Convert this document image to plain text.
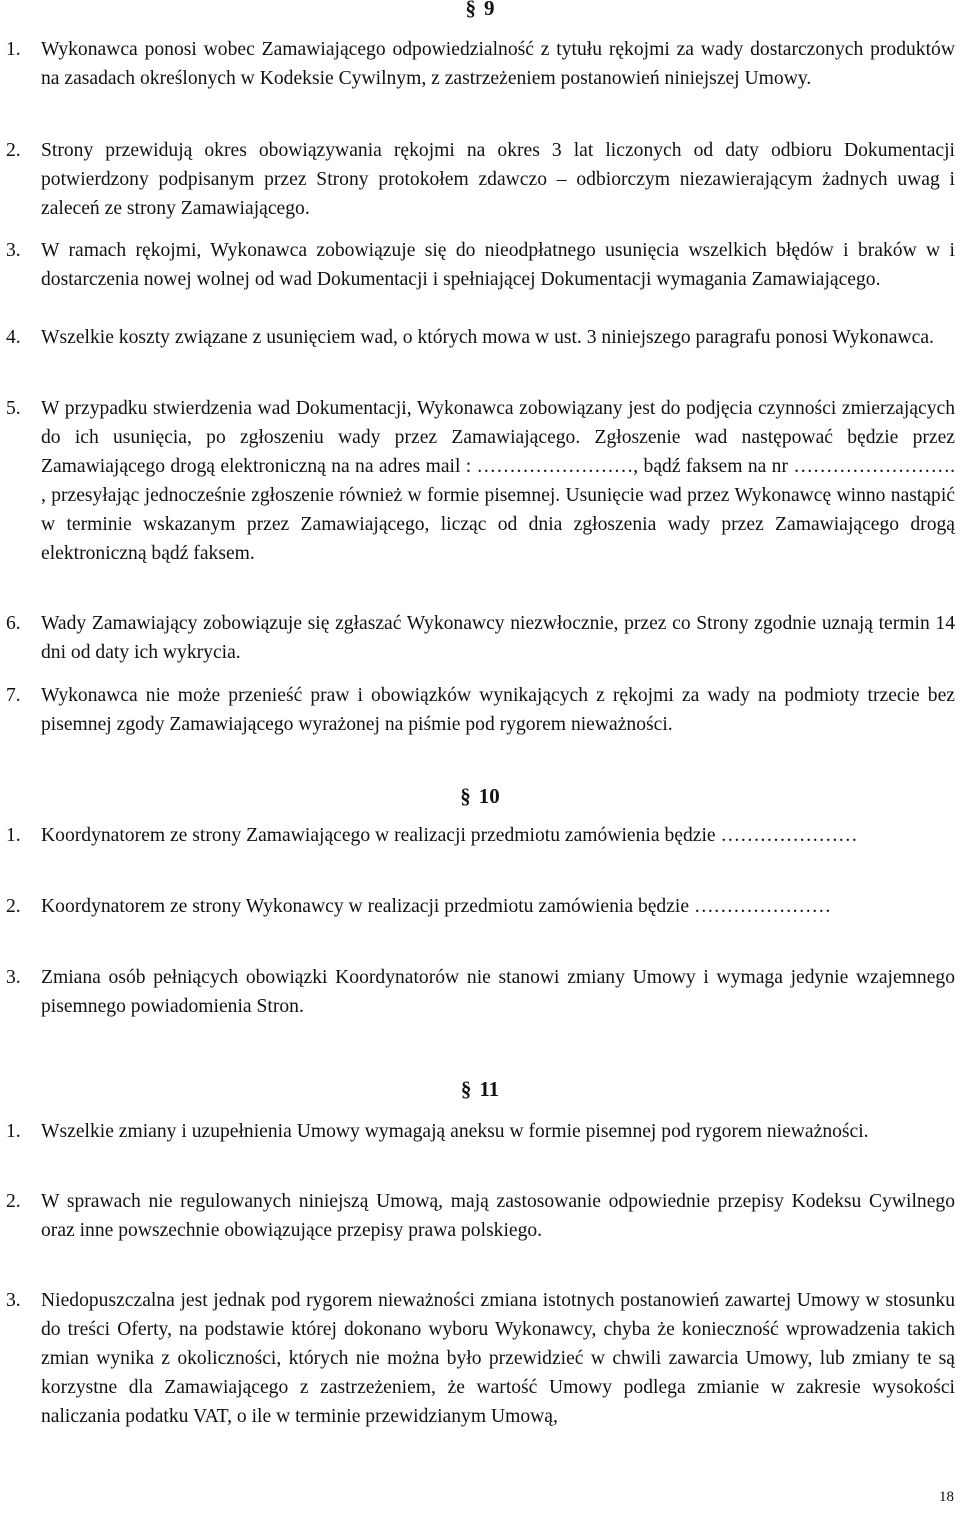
§ 9
1.	Wykonawca ponosi wobec Zamawiającego odpowiedzialność z tytułu rękojmi za wady dostarczonych produktów na zasadach określonych w Kodeksie Cywilnym, z zastrzeżeniem postanowień niniejszej Umowy.
2.	Strony przewidują okres obowiązywania rękojmi na okres 3 lat liczonych od daty odbioru Dokumentacji potwierdzony podpisanym przez Strony protokołem zdawczo – odbiorczym niezawierającym żadnych uwag i zaleceń ze strony Zamawiającego.
3.	W ramach rękojmi, Wykonawca zobowiązuje się do nieodpłatnego usunięcia wszelkich błędów i braków w i dostarczenia nowej wolnej od wad Dokumentacji i spełniającej Dokumentacji wymagania Zamawiającego.
4.	Wszelkie koszty związane z usunięciem wad, o których mowa w ust. 3 niniejszego paragrafu ponosi Wykonawca.
5.	W przypadku stwierdzenia wad Dokumentacji, Wykonawca zobowiązany jest do podjęcia czynności zmierzających do ich usunięcia, po zgłoszeniu wady przez Zamawiającego. Zgłoszenie wad następować będzie przez Zamawiającego drogą elektroniczną na na adres mail : ……………………, bądź faksem na nr ……………………. , przesyłając jednocześnie zgłoszenie również w formie pisemnej. Usunięcie wad przez Wykonawcę winno nastąpić w terminie wskazanym przez Zamawiającego, licząc od dnia zgłoszenia wady przez Zamawiającego drogą elektroniczną bądź faksem.
6.	Wady Zamawiający zobowiązuje się zgłaszać Wykonawcy niezwłocznie, przez co Strony zgodnie uznają termin 14 dni od daty ich wykrycia.
7.	Wykonawca nie może przenieść praw i obowiązków wynikających z rękojmi za wady na podmioty trzecie bez pisemnej zgody Zamawiającego wyrażonej na piśmie pod rygorem nieważności.
§ 10
1.	Koordynatorem ze strony Zamawiającego w realizacji przedmiotu zamówienia będzie …………………
2.	Koordynatorem ze strony Wykonawcy w realizacji przedmiotu zamówienia będzie …………………
3.	Zmiana osób pełniących obowiązki Koordynatorów nie stanowi zmiany Umowy i wymaga jedynie wzajemnego pisemnego powiadomienia Stron.
§ 11
1.	Wszelkie zmiany i uzupełnienia Umowy wymagają aneksu w formie pisemnej pod rygorem nieważności.
2.	W sprawach nie regulowanych niniejszą Umową, mają zastosowanie odpowiednie przepisy Kodeksu Cywilnego oraz inne powszechnie obowiązujące przepisy prawa polskiego.
3.	Niedopuszczalna jest jednak pod rygorem nieważności zmiana istotnych postanowień zawartej Umowy w stosunku do treści Oferty, na podstawie której dokonano wyboru Wykonawcy, chyba że konieczność wprowadzenia takich zmian wynika z okoliczności, których nie można było przewidzieć w chwili zawarcia Umowy, lub zmiany te są korzystne dla Zamawiającego z zastrzeżeniem, że wartość Umowy podlega zmianie w zakresie wysokości naliczania podatku VAT, o ile w terminie przewidzianym Umową,
18
